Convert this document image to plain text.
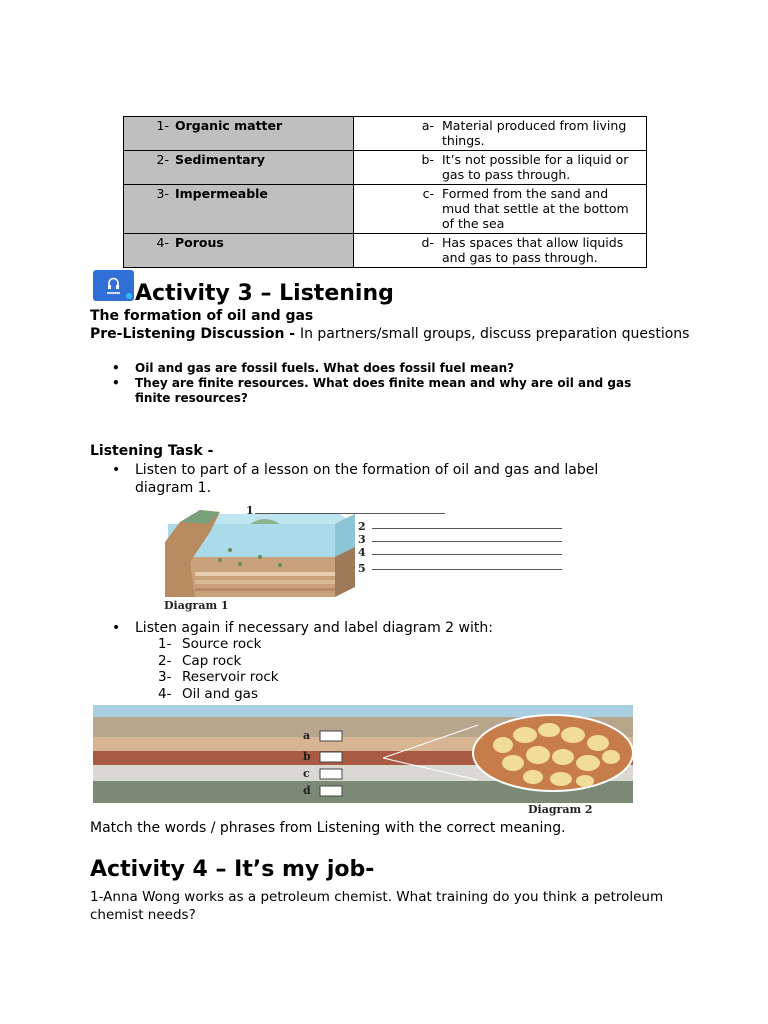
1- Organic matter	a- Material produced from living things.

2- Sedimentary	b- It’s not possible for a liquid or gas to pass through.

3- Impermeable	c- Formed from the sand and mud that settle at the bottom of the sea

4- Porous	d- Has spaces that allow liquids and gas to pass through.
Activity 3 – Listening
The formation of oil and gas
Pre-Listening Discussion - In partners/small groups, discuss preparation questions
• Oil and gas are fossil fuels. What does fossil fuel mean?
• They are finite resources. What does finite mean and why are oil and gas finite resources?
Listening Task -
• Listen to part of a lesson on the formation of oil and gas and label diagram 1.
1
2
3
4
5
Diagram 1
• Listen again if necessary and label diagram 2 with:
1- Source rock
2- Cap rock
3- Reservoir rock
4- Oil and gas
a
b
c
d
Diagram 2
Match the words / phrases from Listening with the correct meaning.
Activity 4 – It’s my job-
1-Anna Wong works as a petroleum chemist. What training do you think a petroleum chemist needs?
